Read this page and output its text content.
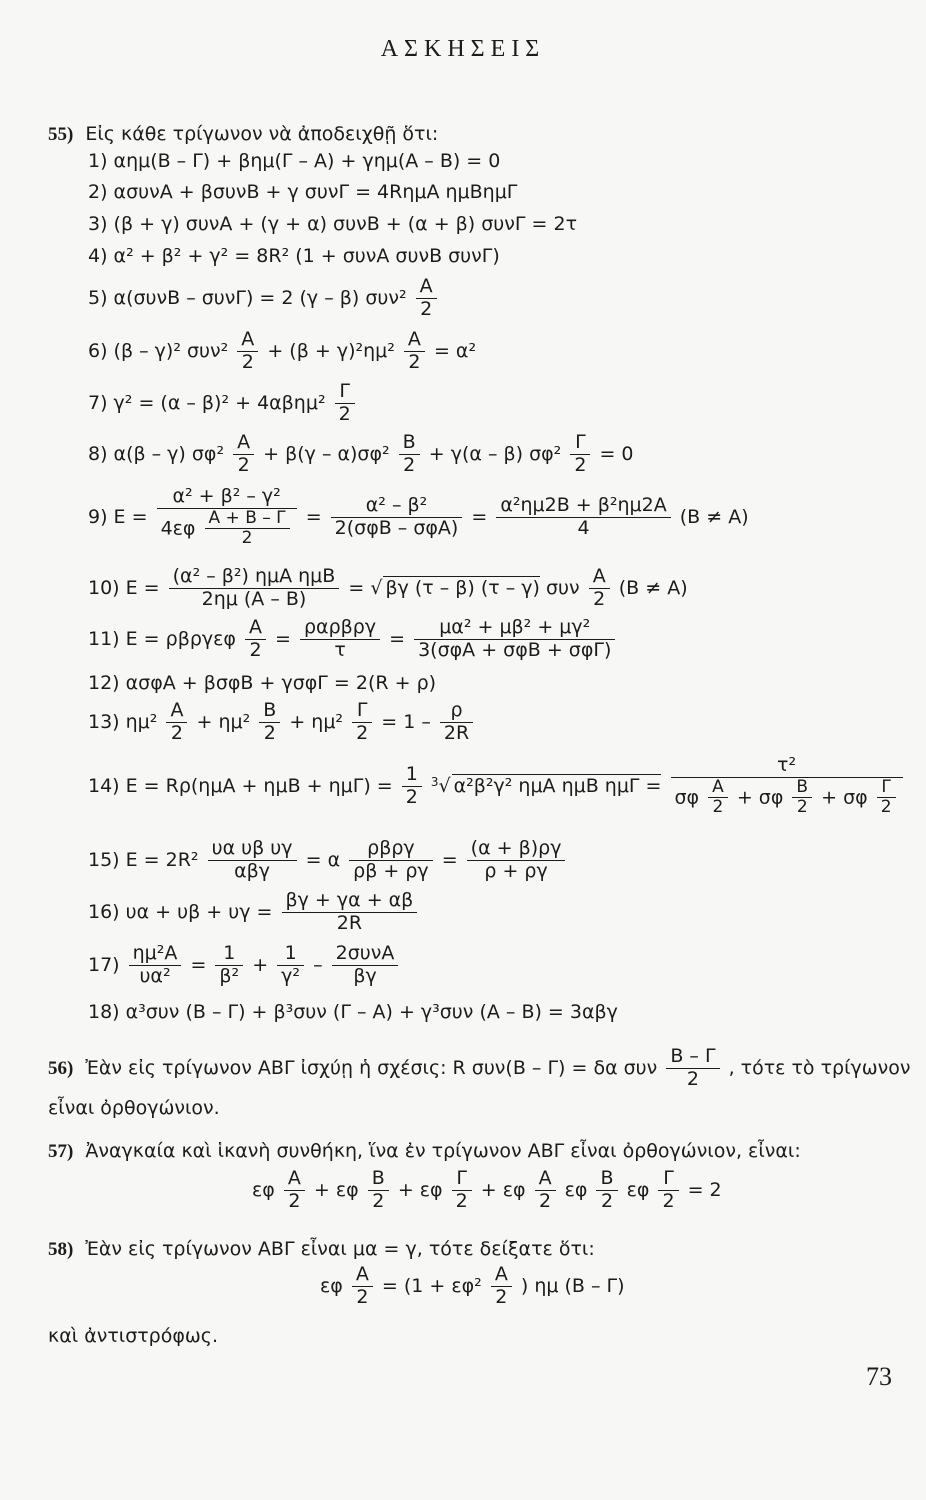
ΑΣΚΗΣΕΙΣ
55) Εἰς κάθε τρίγωνον νὰ ἀποδειχθῇ ὅτι:
1) αημ(Β – Γ) + βημ(Γ – Α) + γημ(Α – Β) = 0
2) ασυνΑ + βσυνΒ + γ συνΓ = 4RημΑ ημΒημΓ
3) (β + γ) συνΑ + (γ + α) συνΒ + (α + β) συνΓ = 2τ
4) α² + β² + γ² = 8R² (1 + συνΑ συνΒ συνΓ)
5) α(συνΒ – συνΓ) = 2 (γ – β) $\sigma\upsilon\nu^2 \frac{A}{2}$
6) (β – γ)² $\sigma\upsilon\nu^2 \frac{A}{2} + (\beta + \gamma)^2\eta\mu^2 \frac{A}{2} = \alpha^2$
7) $\gamma^2 = (\alpha - \beta)^2 + 4\alpha\beta\eta\mu^2 \frac{\Gamma}{2}$
8) α(β – γ) $\sigma\varphi^2 \frac{A}{2} + \beta(\gamma - \alpha)\sigma\varphi^2 \frac{B}{2} + \gamma(\alpha - \beta)$ $\sigma\varphi^2 \frac{\Gamma}{2} = 0$
9) $E = \frac{\text{α² + β² – γ²}}{4\varepsilon\varphi \frac{A + B - \Gamma}{2}} = \frac{\text{α² – β²}}{\text{2(σφΒ – σφΑ)}} = \frac{\text{α²ημ2Β + β²ημ2Α}}{4} (B \ne A)$
10) $E = \frac{\text{(α² – β²) ημΑ ημΒ}}{2\eta\mu (A - B)}$ = √ βγ (τ – β) (τ – γ) συν $\frac{A}{2} (B \ne A)$
11) Ε = ρβργεφ $\frac{A}{2} = \frac{\text{ραρβργ}}{\tau} = \frac{\text{μα² + μβ² + μγ²}}{\text{3(σφΑ + σφΒ + σφΓ)}}$
12) ασφΑ + βσφΒ + γσφΓ = 2(R + ρ)
13) $\eta\mu^2 \frac{A}{2} + \eta\mu^2 \frac{B}{2} + \eta\mu^2 \frac{\Gamma}{2} = 1 - \frac{\rho}{2R}$
14) $E = R\rho(\eta\mu A + \eta\mu B + \eta\mu\Gamma) = \frac{1}{2} ^3√$ α²β²γ² ημΑ ημΒ ημΓ =
τ²
σφ $\frac{A}{2} + \sigma\varphi \frac{B}{2} + \sigma\varphi \frac{\Gamma}{2}$
15) $E = 2R^2 \frac{\text{υα υβ υγ}}{\text{αβγ}} = \alpha \frac{\text{ρβργ}}{\rho\beta + \rho\gamma} = \frac{(\alpha + \beta)\rho\gamma}{\rho + \rho\gamma}$
16) $\upsilon\alpha + \upsilon\beta + \upsilon\gamma = \frac{\beta\gamma + \gamma\alpha + \alpha\beta}{2R}$
$17) \frac{\text{ημ²Α}}{\text{υα²}} = \frac{1}{\text{β²}} + \frac{1}{\text{γ²}} - \frac{\text{2συνΑ}}{\beta\gamma}$
18) α³συν (Β – Γ) + β³συν (Γ – Α) + γ³συν (Α – Β) = 3αβγ
56) Ἐὰν εἰς τρίγωνον ΑΒΓ ἰσχύῃ ἡ σχέσις: R συν(Β – Γ) = δα συν $\frac{B - \Gamma}{2}$ , τότε τὸ τρίγωνον
εἶναι ὀρθογώνιον.
57) Ἀναγκαία καὶ ἱκανὴ συνθήκη, ἵνα ἐν τρίγωνον ΑΒΓ εἶναι ὀρθογώνιον, εἶναι:
εφ $\frac{A}{2} + \varepsilon\varphi \frac{B}{2} + \varepsilon\varphi \frac{\Gamma}{2} + \varepsilon\varphi \frac{A}{2}$ εφ $\frac{B}{2}$ εφ $\frac{\Gamma}{2} = 2$
58) Ἐὰν εἰς τρίγωνον ΑΒΓ εἶναι μα = γ, τότε δείξατε ὅτι:
εφ $\frac{A}{2} = (1 + \varepsilon\varphi^2 \frac{A}{2}$ ) ημ (Β – Γ)
καὶ ἀντιστρόφως.
73
